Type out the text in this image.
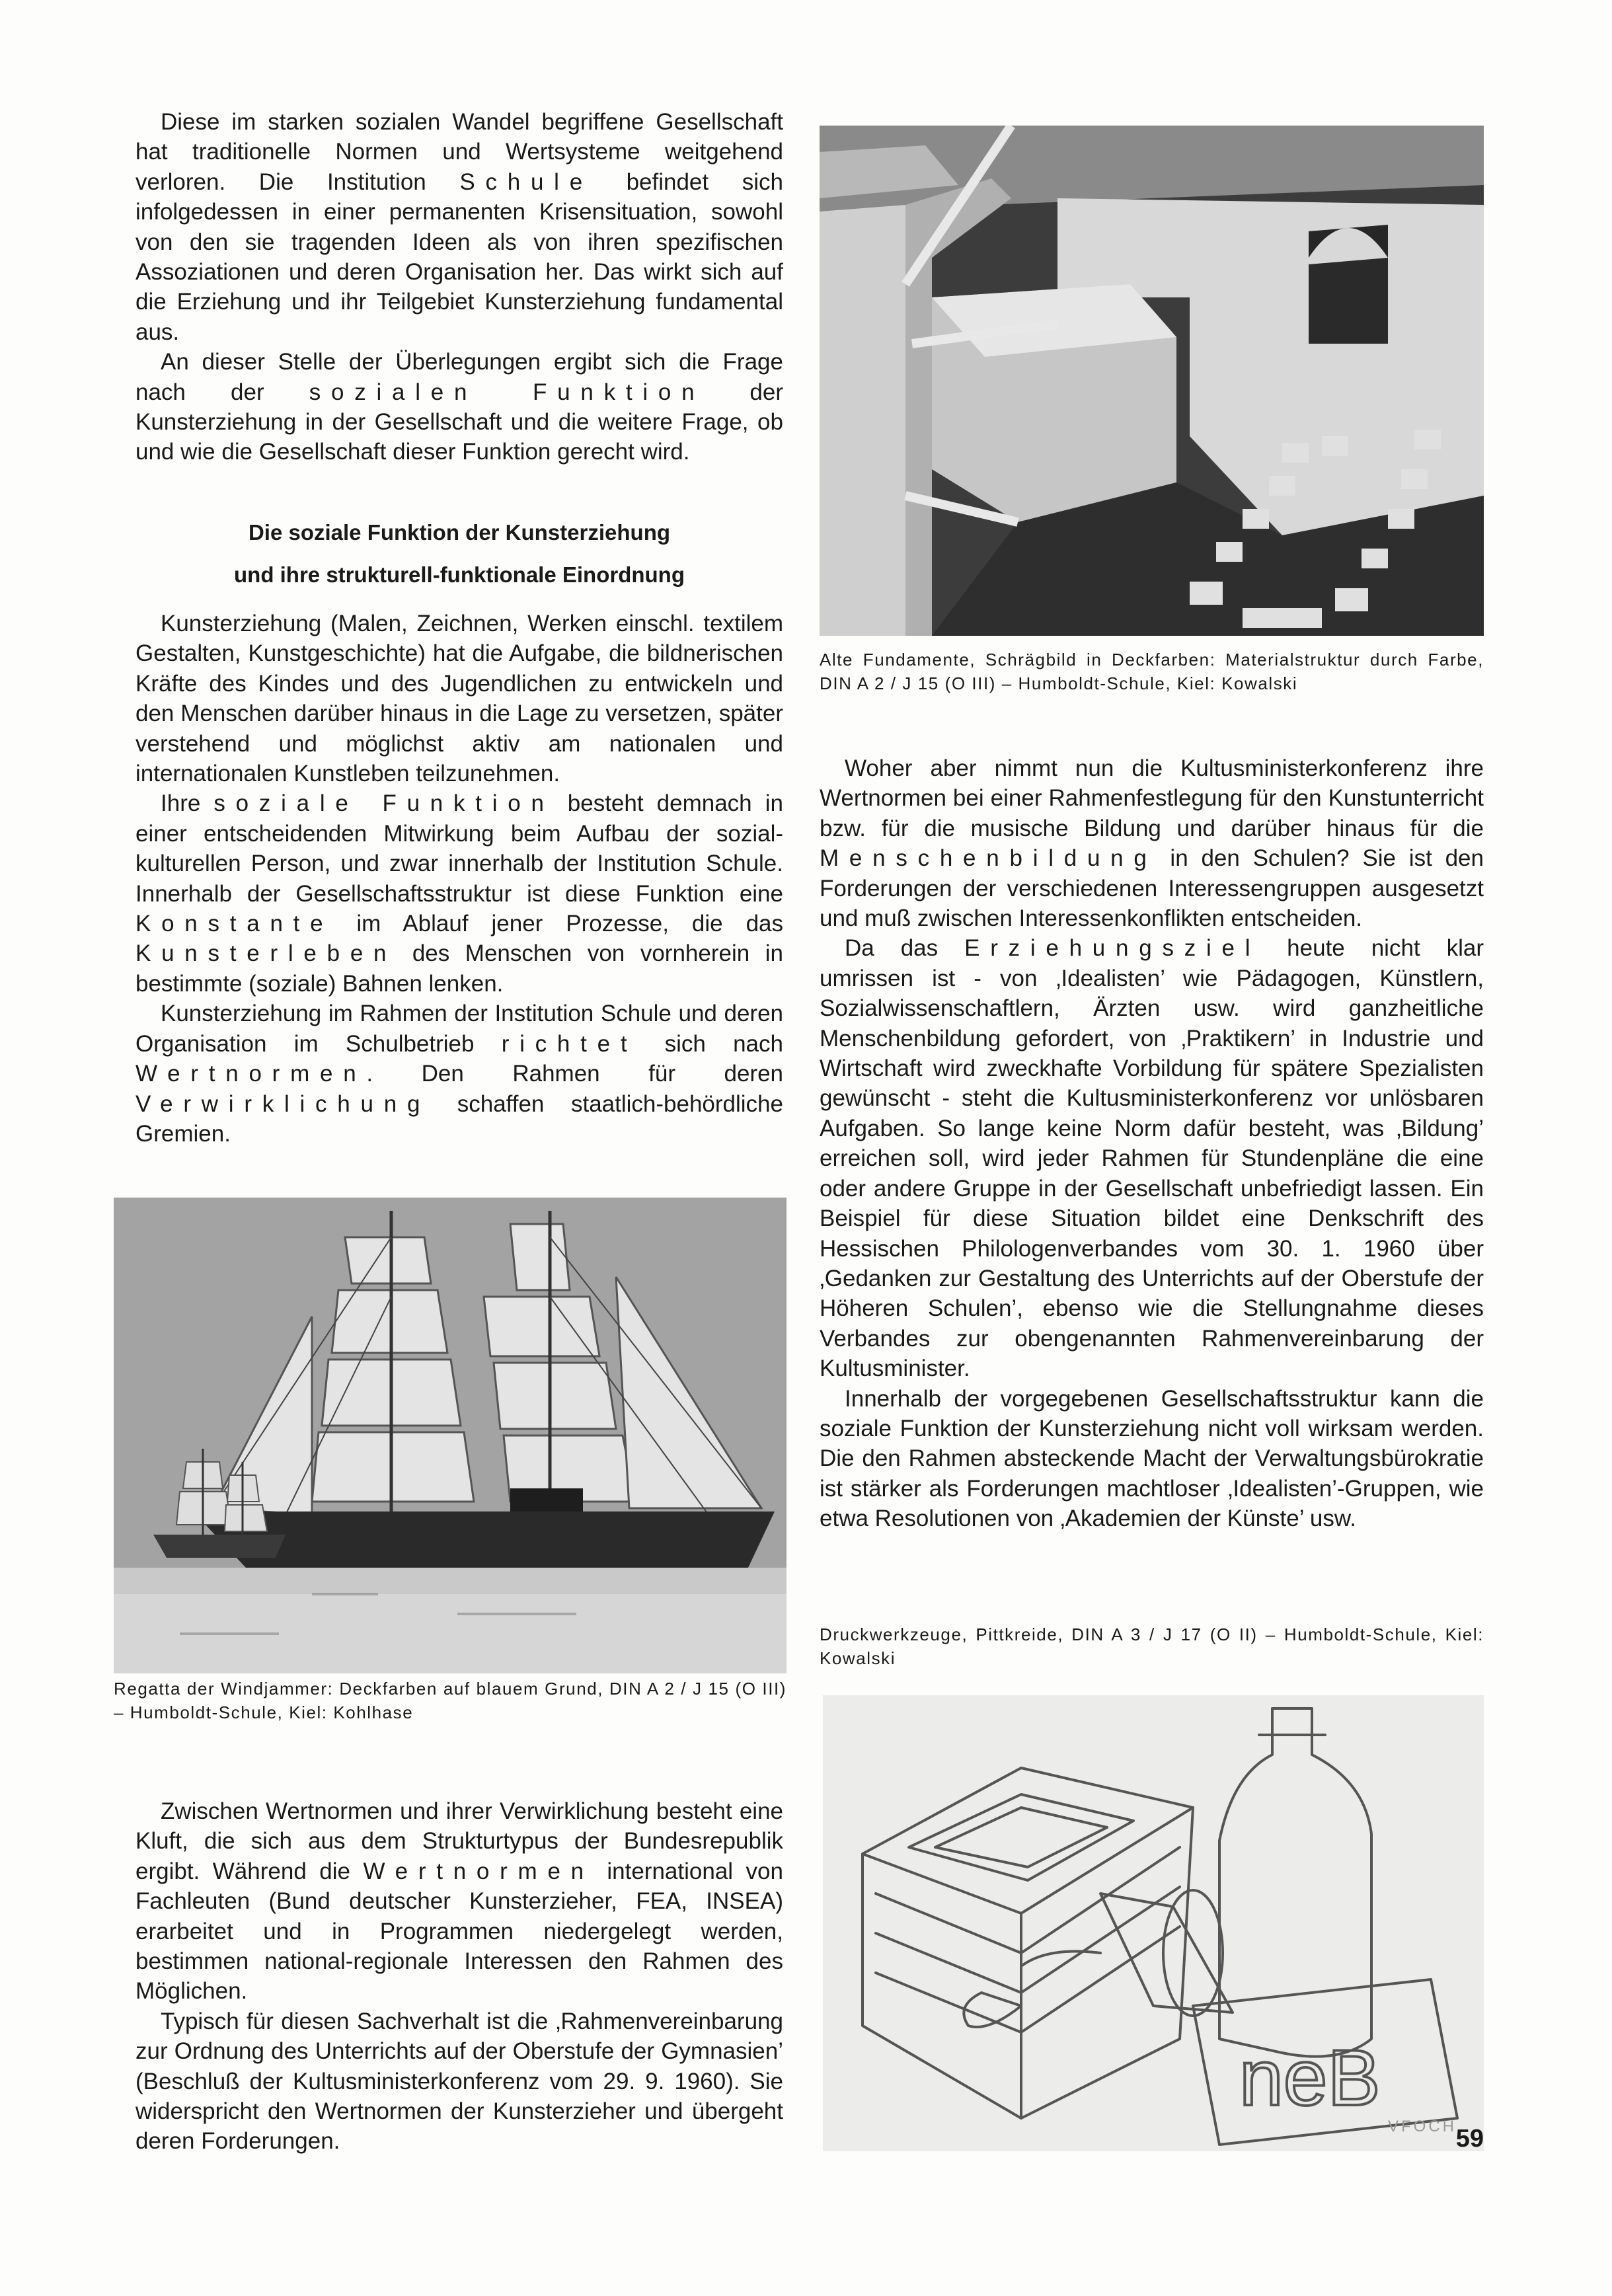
Diese im starken sozialen Wandel begriffene Gesellschaft hat traditionelle Normen und Wertsysteme weitgehend verloren. Die Institution Schule befindet sich infolgedessen in einer permanenten Krisensituation, sowohl von den sie tragenden Ideen als von ihren spezifischen Assoziationen und deren Organisation her. Das wirkt sich auf die Erziehung und ihr Teilgebiet Kunsterziehung fundamental aus.

An dieser Stelle der Überlegungen ergibt sich die Frage nach der sozialen Funktion der Kunsterziehung in der Gesellschaft und die weitere Frage, ob und wie die Gesellschaft dieser Funktion gerecht wird.

Die soziale Funktion der Kunsterziehung
und ihre strukturell-funktionale Einordnung

Kunsterziehung (Malen, Zeichnen, Werken einschl. textilem Gestalten, Kunstgeschichte) hat die Aufgabe, die bildnerischen Kräfte des Kindes und des Jugendlichen zu entwickeln und den Menschen darüber hinaus in die Lage zu versetzen, später verstehend und möglichst aktiv am nationalen und internationalen Kunstleben teilzunehmen.

Ihre soziale Funktion besteht demnach in einer entscheidenden Mitwirkung beim Aufbau der sozial-kulturellen Person, und zwar innerhalb der Institution Schule. Innerhalb der Gesellschaftsstruktur ist diese Funktion eine Konstante im Ablauf jener Prozesse, die das Kunsterleben des Menschen von vornherein in bestimmte (soziale) Bahnen lenken.

Kunsterziehung im Rahmen der Institution Schule und deren Organisation im Schulbetrieb richtet sich nach Wertnormen. Den Rahmen für deren Verwirklichung schaffen staatlich-behördliche Gremien.

Regatta der Windjammer: Deckfarben auf blauem Grund, DIN A 2 / J 15 (O III) – Humboldt-Schule, Kiel: Kohlhase

Zwischen Wertnormen und ihrer Verwirklichung besteht eine Kluft, die sich aus dem Strukturtypus der Bundesrepublik ergibt. Während die Wertnormen international von Fachleuten (Bund deutscher Kunsterzieher, FEA, INSEA) erarbeitet und in Programmen niedergelegt werden, bestimmen national-regionale Interessen den Rahmen des Möglichen.

Typisch für diesen Sachverhalt ist die ‚Rahmenvereinbarung zur Ordnung des Unterrichts auf der Oberstufe der Gymnasien’ (Beschluß der Kultusministerkonferenz vom 29. 9. 1960). Sie widerspricht den Wertnormen der Kunsterzieher und übergeht deren Forderungen.

Alte Fundamente, Schrägbild in Deckfarben: Materialstruktur durch Farbe, DIN A 2 / J 15 (O III) – Humboldt-Schule, Kiel: Kowalski

Woher aber nimmt nun die Kultusministerkonferenz ihre Wertnormen bei einer Rahmenfestlegung für den Kunstunterricht bzw. für die musische Bildung und darüber hinaus für die Menschenbildung in den Schulen? Sie ist den Forderungen der verschiedenen Interessengruppen ausgesetzt und muß zwischen Interessenkonflikten entscheiden.

Da das Erziehungsziel heute nicht klar umrissen ist - von ‚Idealisten’ wie Pädagogen, Künstlern, Sozialwissenschaftlern, Ärzten usw. wird ganzheitliche Menschenbildung gefordert, von ‚Praktikern’ in Industrie und Wirtschaft wird zweckhafte Vorbildung für spätere Spezialisten gewünscht - steht die Kultusministerkonferenz vor unlösbaren Aufgaben. So lange keine Norm dafür besteht, was ‚Bildung’ erreichen soll, wird jeder Rahmen für Stundenpläne die eine oder andere Gruppe in der Gesellschaft unbefriedigt lassen. Ein Beispiel für diese Situation bildet eine Denkschrift des Hessischen Philologenverbandes vom 30. 1. 1960 über ‚Gedanken zur Gestaltung des Unterrichts auf der Oberstufe der Höheren Schulen’, ebenso wie die Stellungnahme dieses Verbandes zur obengenannten Rahmenvereinbarung der Kultusminister.

Innerhalb der vorgegebenen Gesellschaftsstruktur kann die soziale Funktion der Kunsterziehung nicht voll wirksam werden. Die den Rahmen absteckende Macht der Verwaltungsbürokratie ist stärker als Forderungen machtloser ‚Idealisten’-Gruppen, wie etwa Resolutionen von ‚Akademien der Künste’ usw.

Druckwerkzeuge, Pittkreide, DIN A 3 / J 17 (O II) – Humboldt-Schule, Kiel: Kowalski
neB
VFOCH
59
